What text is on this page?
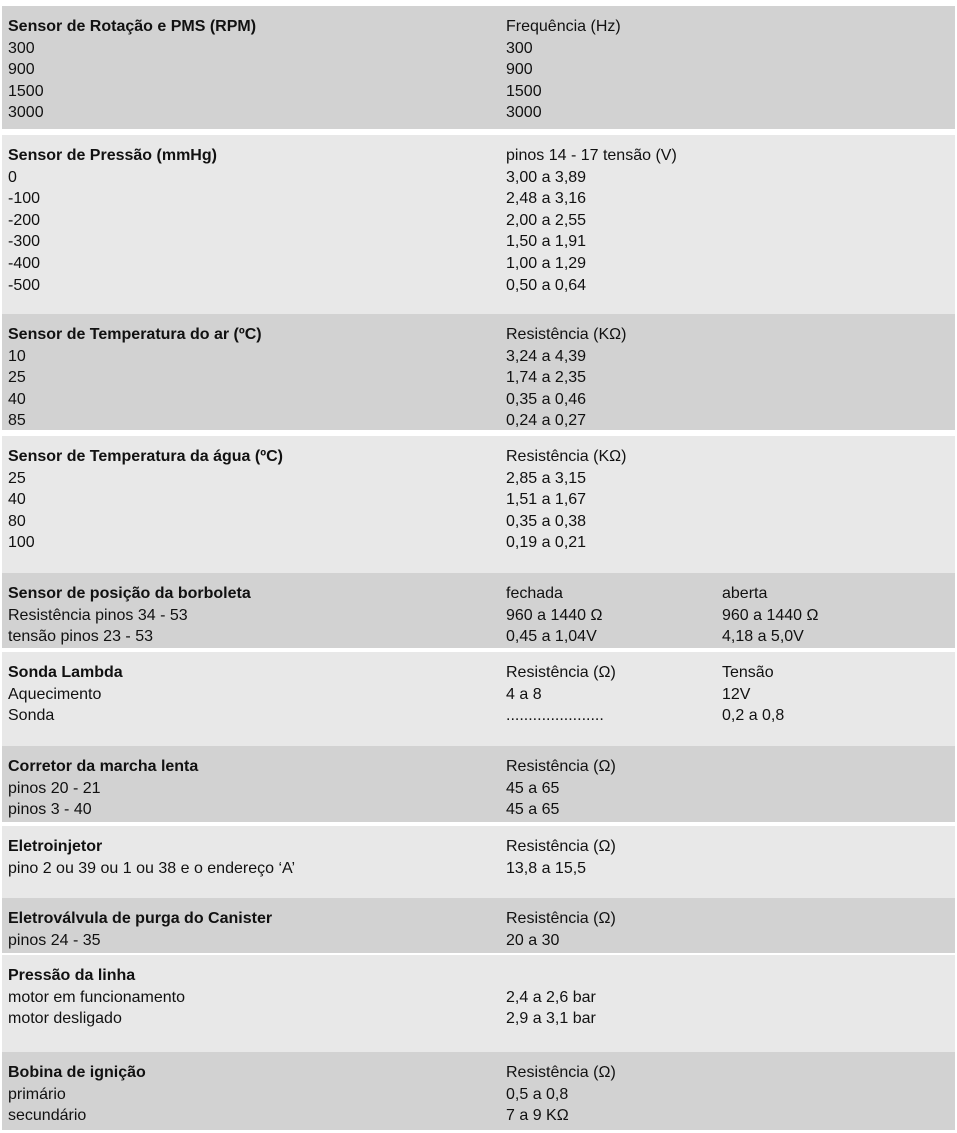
Sensor de Rotação e PMS (RPM)	Frequência (Hz)
300	300
900	900
1500	1500
3000	3000
Sensor de Pressão (mmHg)	pinos 14 - 17 tensão (V)
0	3,00 a 3,89
-100	2,48 a 3,16
-200	2,00 a 2,55
-300	1,50 a 1,91
-400	1,00 a 1,29
-500	0,50 a 0,64
Sensor de Temperatura do ar (ºC)	Resistência (KΩ)
10	3,24 a 4,39
25	1,74 a 2,35
40	0,35 a 0,46
85	0,24 a 0,27
Sensor de Temperatura da água (ºC)	Resistência (KΩ)
25	2,85 a 3,15
40	1,51 a 1,67
80	0,35 a 0,38
100	0,19 a 0,21
Sensor de posição da borboleta	fechada	aberta
Resistência pinos 34 - 53	960 a 1440 Ω	960 a 1440 Ω
tensão pinos 23 - 53	0,45 a 1,04V	4,18 a 5,0V
Sonda Lambda	Resistência (Ω)	Tensão
Aquecimento	4 a 8	12V
Sonda	......................	0,2 a 0,8
Corretor da marcha lenta	Resistência (Ω)
pinos 20 - 21	45 a 65
pinos 3 - 40	45 a 65
Eletroinjetor	Resistência (Ω)
pino 2 ou 39 ou 1 ou 38 e o endereço ‘A’	13,8 a 15,5
Eletroválvula de purga do Canister	Resistência (Ω)
pinos 24 - 35	20 a 30
Pressão da linha
motor em funcionamento	2,4 a 2,6 bar
motor desligado	2,9 a 3,1 bar
Bobina de ignição	Resistência (Ω)
primário	0,5 a 0,8
secundário	7 a 9 KΩ
